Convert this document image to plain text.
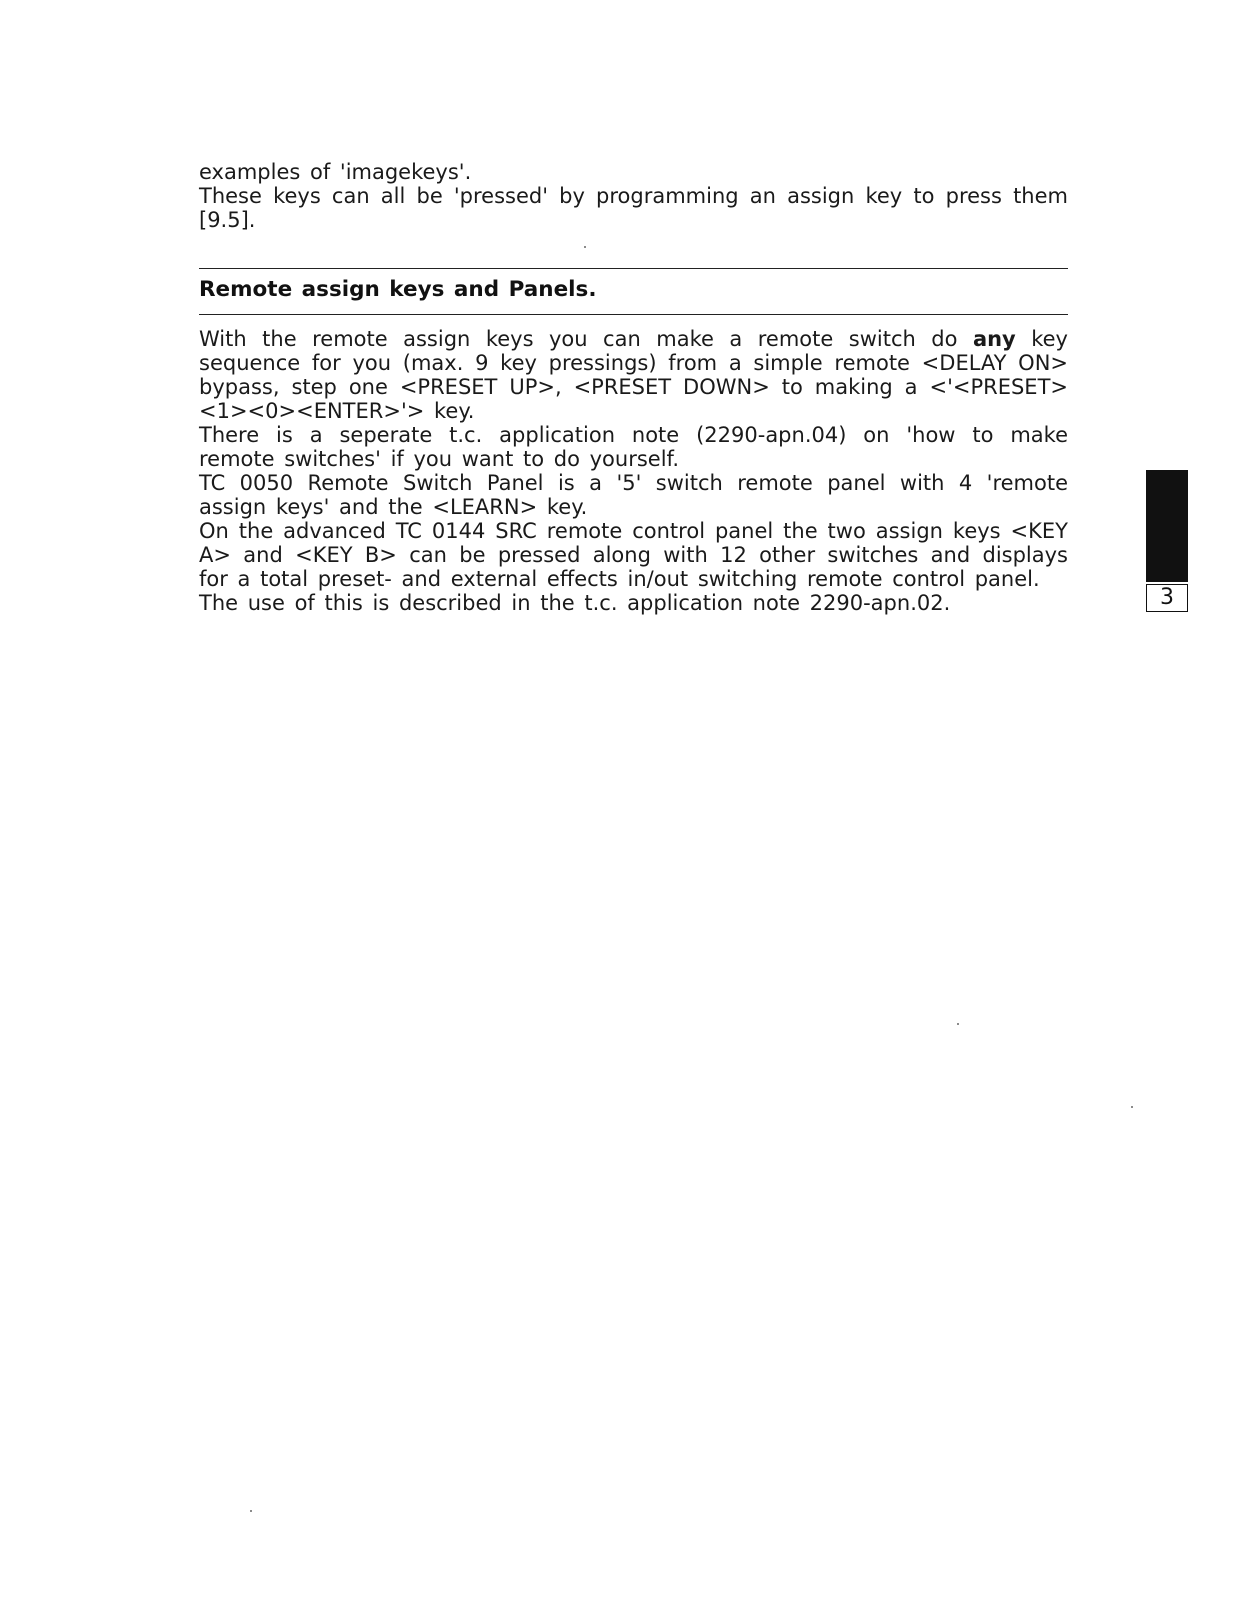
examples of 'imagekeys'.

These keys can all be 'pressed' by programming an assign key to press them [9.5].

Remote assign keys and Panels.

With the remote assign keys you can make a remote switch do any key sequence for you (max. 9 key pressings) from a simple remote <DELAY ON> bypass, step one <PRESET UP>, <PRESET DOWN> to making a <'<PRESET><1><0><ENTER>'> key.

There is a seperate t.c. application note (2290-apn.04) on 'how to make remote switches' if you want to do yourself.

TC 0050 Remote Switch Panel is a '5' switch remote panel with 4 'remote assign keys' and the <LEARN> key.

On the advanced TC 0144 SRC remote control panel the two assign keys <KEY A> and <KEY B> can be pressed along with 12 other switches and displays for a total preset- and external effects in/out switching remote control panel.

The use of this is described in the t.c. application note 2290-apn.02.	3
